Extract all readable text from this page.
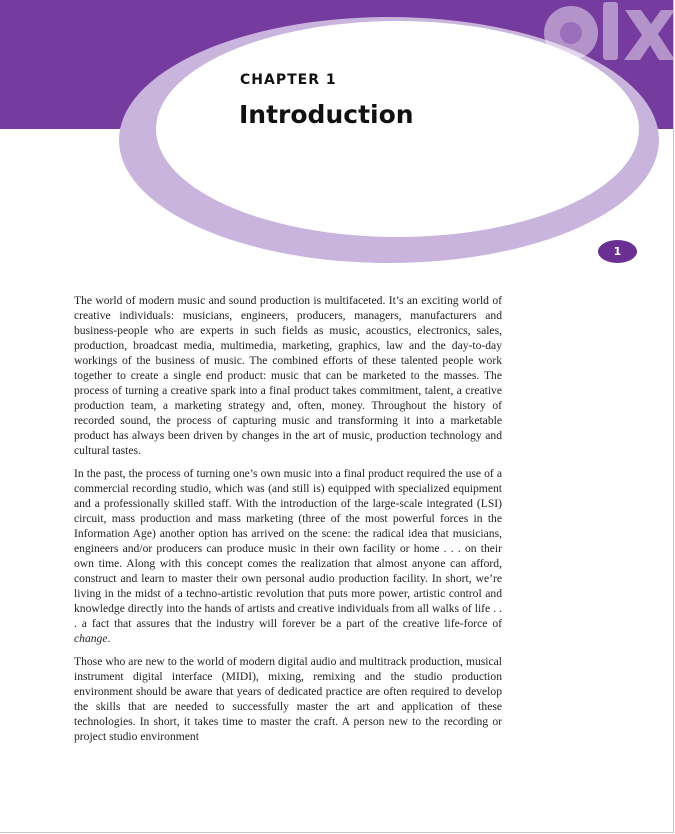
CHAPTER 1
Introduction
1

The world of modern music and sound production is multifaceted. It’s an exciting world of creative individuals: musicians, engineers, producers, managers, manufacturers and business-people who are experts in such fields as music, acoustics, electronics, sales, production, broadcast media, multimedia, marketing, graphics, law and the day-to-day workings of the business of music. The combined efforts of these talented people work together to create a single end product: music that can be marketed to the masses. The process of turning a creative spark into a final product takes commitment, talent, a creative production team, a marketing strategy and, often, money. Throughout the history of recorded sound, the process of capturing music and transforming it into a marketable product has always been driven by changes in the art of music, production technology and cultural tastes.

In the past, the process of turning one’s own music into a final product required the use of a commercial recording studio, which was (and still is) equipped with specialized equipment and a professionally skilled staff. With the introduction of the large-scale integrated (LSI) circuit, mass production and mass marketing (three of the most powerful forces in the Information Age) another option has arrived on the scene: the radical idea that musicians, engineers and/or producers can produce music in their own facility or home . . . on their own time. Along with this concept comes the realization that almost anyone can afford, construct and learn to master their own personal audio production facility. In short, we’re living in the midst of a techno-artistic revolution that puts more power, artistic control and knowledge directly into the hands of artists and creative individuals from all walks of life . . . a fact that assures that the industry will forever be a part of the creative life-force of change.

Those who are new to the world of modern digital audio and multitrack production, musical instrument digital interface (MIDI), mixing, remixing and the studio production environment should be aware that years of dedicated practice are often required to develop the skills that are needed to successfully master the art and application of these technologies. In short, it takes time to master the craft. A person new to the recording or project studio environment
